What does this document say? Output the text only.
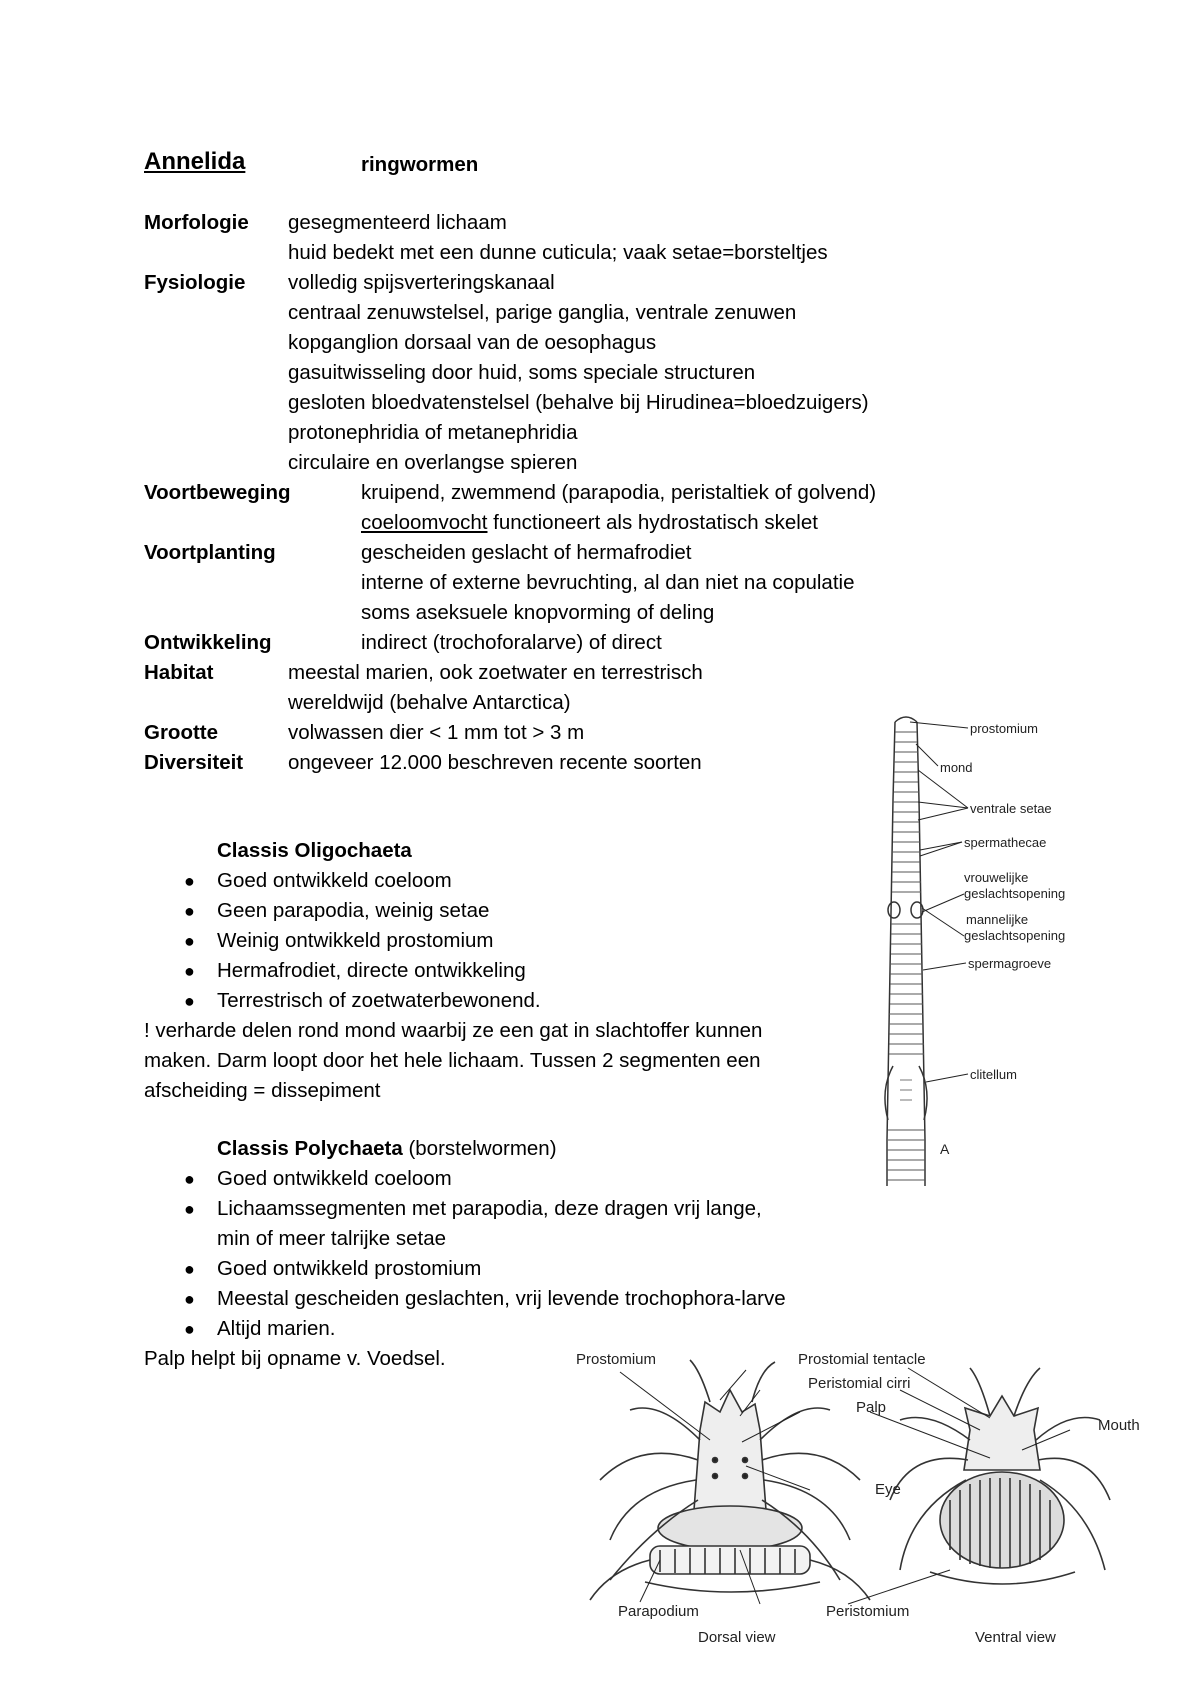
Annelida	ringwormen
Morfologie gesegmenteerd lichaam
huid bedekt met een dunne cuticula; vaak setae=borsteltjes
Fysiologie volledig spijsverteringskanaal
centraal zenuwstelsel, parige ganglia, ventrale zenuwen
kopganglion dorsaal van de oesophagus
gasuitwisseling door huid, soms speciale structuren
gesloten bloedvatenstelsel (behalve bij Hirudinea=bloedzuigers)
protonephridia of metanephridia
circulaire en overlangse spieren
Voortbeweging	kruipend, zwemmend (parapodia, peristaltiek of golvend)
coeloomvocht functioneert als hydrostatisch skelet
Voortplanting	gescheiden geslacht of hermafrodiet
interne of externe bevruchting, al dan niet na copulatie
soms aseksuele knopvorming of deling
Ontwikkeling	indirect (trochoforalarve) of direct
Habitat	meestal marien, ook zoetwater en terrestrisch
wereldwijd (behalve Antarctica)
Grootte	volwassen dier < 1 mm tot > 3 m
Diversiteit ongeveer 12.000 beschreven recente soorten
Classis Oligochaeta
● Goed ontwikkeld coeloom
● Geen parapodia, weinig setae
● Weinig ontwikkeld prostomium
● Hermafrodiet, directe ontwikkeling
● Terrestrisch of zoetwaterbewonend.
! verharde delen rond mond waarbij ze een gat in slachtoffer kunnen
maken. Darm loopt door het hele lichaam. Tussen 2 segmenten een
afscheiding = dissepiment
Classis Polychaeta (borstelwormen)
● Goed ontwikkeld coeloom
● Lichaamssegmenten met parapodia, deze dragen vrij lange,
min of meer talrijke setae
● Goed ontwikkeld prostomium
● Meestal gescheiden geslachten, vrij levende trochophora-larve
● Altijd marien.
Palp helpt bij opname v. Voedsel.
prostomium
mond
ventrale setae
spermathecae
vrouwelijke
geslachtsopening
mannelijke
geslachtsopening
spermagroeve
clitellum
A
Prostomium	Prostomial tentacle
Peristomial cirri
Palp
Mouth
Eye
Parapodium	Peristomium
Dorsal view	Ventral view
